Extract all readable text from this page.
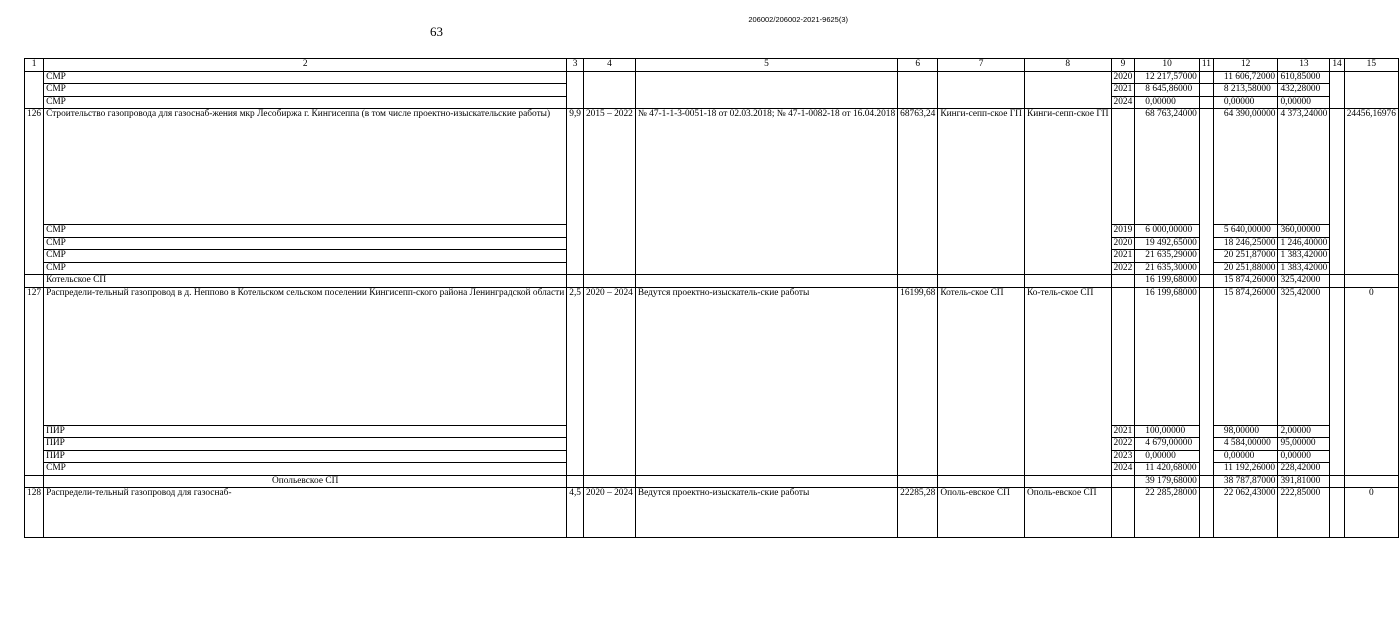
63
206002/206002-2021-9625(3)
1	2	3	4	5	6	7	8	9	10	11	12	13	14	15
	СМР							2020	12 217,57000		11 606,72000	610,85000		
	СМР							2021	8 645,86000		8 213,58000	432,28000		
	СМР							2024	0,00000		0,00000	0,00000		
126	Строительство газопровода для газоснаб-жения мкр Лесобиржа г. Кингисеппа (в том числе проектно-изыскательские работы)	9,9	2015 – 2022	№ 47-1-1-3-0051-18 от 02.03.2018; № 47-1-0082-18 от 16.04.2018	68763,24	Кинги-сепп-ское ГП	Кинги-сепп-ское ГП		68 763,24000		64 390,00000	4 373,24000		24456,16976
	СМР							2019	6 000,00000		5 640,00000	360,00000		
	СМР							2020	19 492,65000		18 246,25000	1 246,40000		
	СМР							2021	21 635,29000		20 251,87000	1 383,42000		
	СМР							2022	21 635,30000		20 251,88000	1 383,42000		
	Котельское СП								16 199,68000		15 874,26000	325,42000		
127	Распредели-тельный газопровод в д. Неппово в Котельском сельском поселении Кингисепп-ского района Ленинградской области	2,5	2020 – 2024	Ведутся проектно-изыскатель-ские работы	16199,68	Котель-ское СП	Ко-тель-ское СП		16 199,68000		15 874,26000	325,42000		0
	ПИР							2021	100,00000		98,00000	2,00000		
	ПИР							2022	4 679,00000		4 584,00000	95,00000		
	ПИР							2023	0,00000		0,00000	0,00000		
	СМР							2024	11 420,68000		11 192,26000	228,42000		
	Опольевское СП								39 179,68000		38 787,87000	391,81000		
128	Распредели-тельный газопровод для газоснаб-	4,5	2020 – 2024	Ведутся проектно-изыскатель-ские работы	22285,28	Ополь-евское СП	Ополь-евское СП		22 285,28000		22 062,43000	222,85000		0
